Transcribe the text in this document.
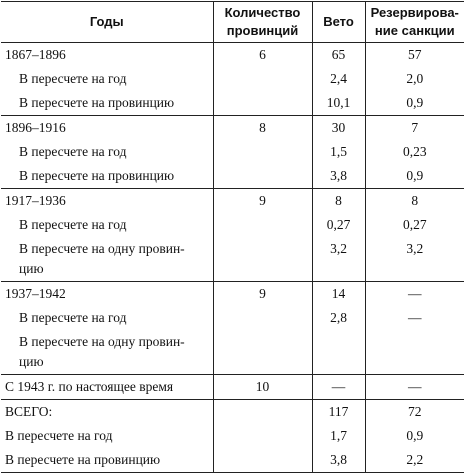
Годы	Количество провинций	Вето	Резервирова-ние санкции
1867–1896	6	65	57
В пересчете на год		2,4	2,0
В пересчете на провинцию		10,1	0,9
1896–1916	8	30	7
В пересчете на год		1,5	0,23
В пересчете на провинцию		3,8	0,9
1917–1936	9	8	8
В пересчете на год		0,27	0,27
В пересчете на одну провин-цию		3,2	3,2
1937–1942	9	14	—
В пересчете на год		2,8	—
В пересчете на одну провин-цию			
С 1943 г. по настоящее время	10	—	—
ВСЕГО:		117	72
В пересчете на год		1,7	0,9
В пересчете на провинцию		3,8	2,2
